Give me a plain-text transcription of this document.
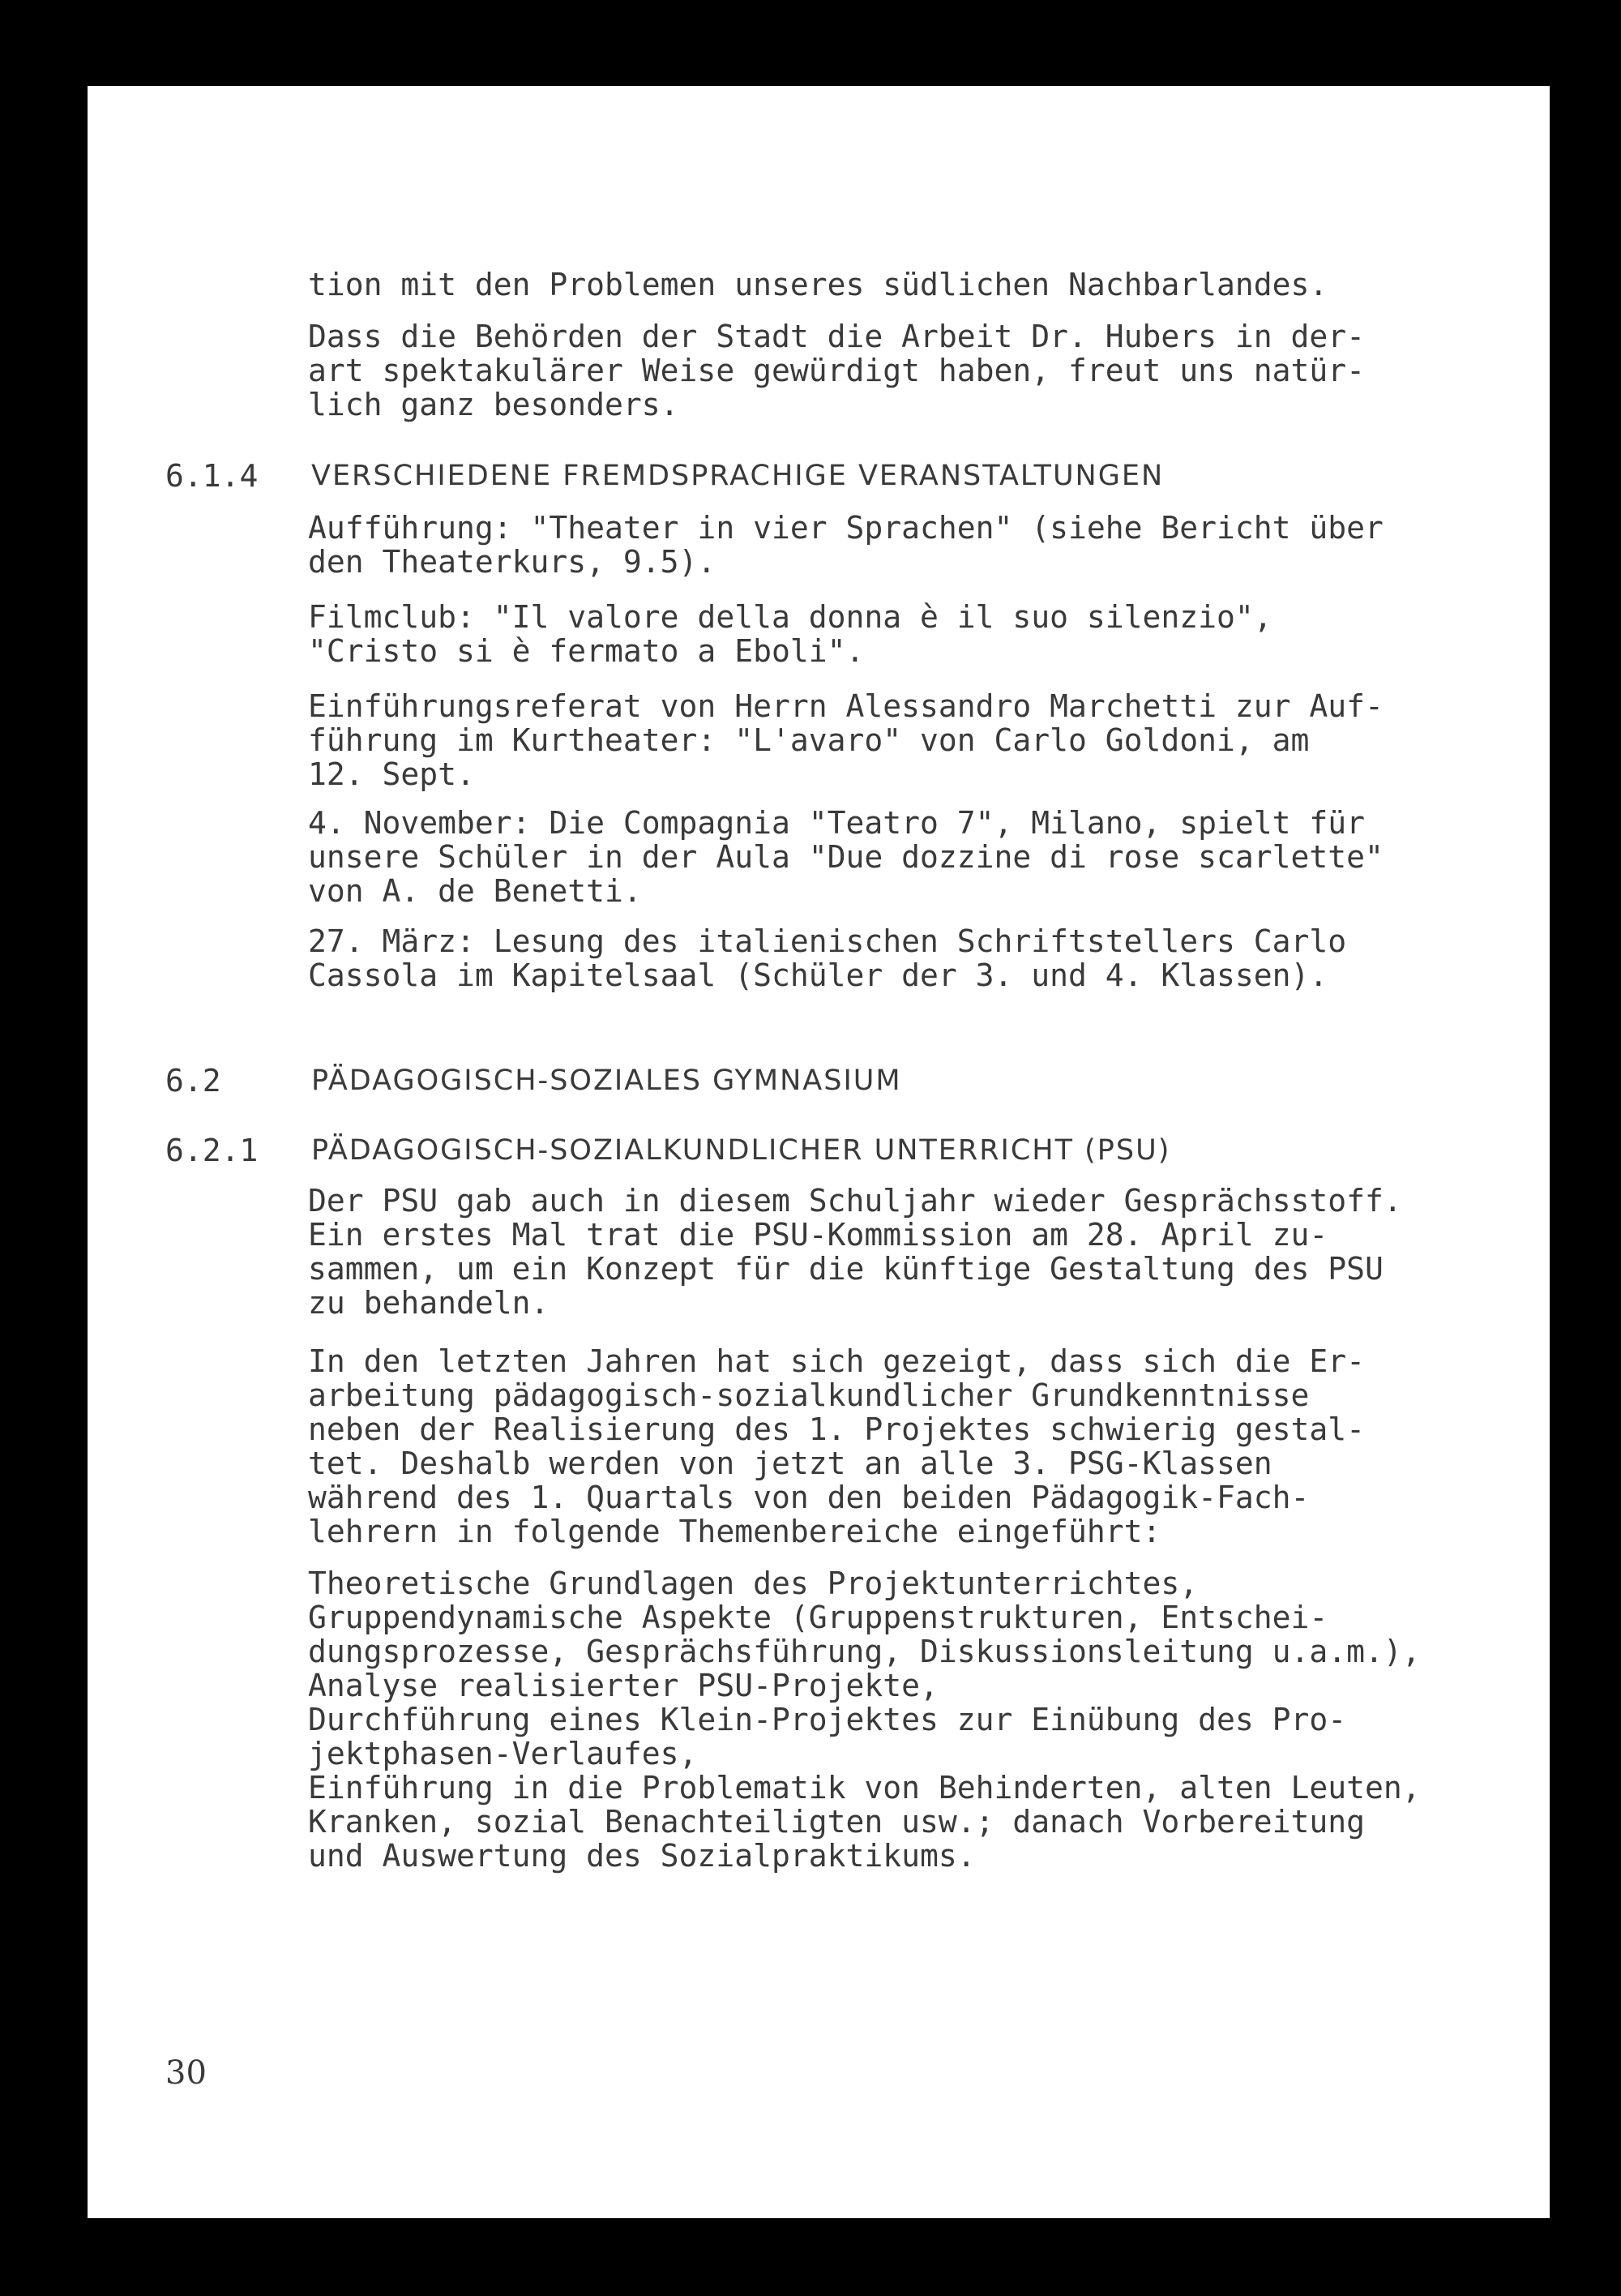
tion mit den Problemen unseres südlichen Nachbarlandes.

Dass die Behörden der Stadt die Arbeit Dr. Hubers in der-
art spektakulärer Weise gewürdigt haben, freut uns natür-
lich ganz besonders.

6.1.4 VERSCHIEDENE FREMDSPRACHIGE VERANSTALTUNGEN

Aufführung: "Theater in vier Sprachen" (siehe Bericht über
den Theaterkurs, 9.5).

Filmclub: "Il valore della donna è il suo silenzio",
"Cristo si è fermato a Eboli".

Einführungsreferat von Herrn Alessandro Marchetti zur Auf-
führung im Kurtheater: "L'avaro" von Carlo Goldoni, am
12. Sept.

4. November: Die Compagnia "Teatro 7", Milano, spielt für
unsere Schüler in der Aula "Due dozzine di rose scarlette"
von A. de Benetti.

27. März: Lesung des italienischen Schriftstellers Carlo
Cassola im Kapitelsaal (Schüler der 3. und 4. Klassen).

6.2	PÄDAGOGISCH-SOZIALES GYMNASIUM
6.2.1 PÄDAGOGISCH-SOZIALKUNDLICHER UNTERRICHT (PSU)

Der PSU gab auch in diesem Schuljahr wieder Gesprächsstoff.
Ein erstes Mal trat die PSU-Kommission am 28. April zu-
sammen, um ein Konzept für die künftige Gestaltung des PSU
zu behandeln.

In den letzten Jahren hat sich gezeigt, dass sich die Er-
arbeitung pädagogisch-sozialkundlicher Grundkenntnisse
neben der Realisierung des 1. Projektes schwierig gestal-
tet. Deshalb werden von jetzt an alle 3. PSG-Klassen
während des 1. Quartals von den beiden Pädagogik-Fach-
lehrern in folgende Themenbereiche eingeführt:

Theoretische Grundlagen des Projektunterrichtes,
Gruppendynamische Aspekte (Gruppenstrukturen, Entschei-
dungsprozesse, Gesprächsführung, Diskussionsleitung u.a.m.),
Analyse realisierter PSU-Projekte,
Durchführung eines Klein-Projektes zur Einübung des Pro-
jektphasen-Verlaufes,
Einführung in die Problematik von Behinderten, alten Leuten,
Kranken, sozial Benachteiligten usw.; danach Vorbereitung
und Auswertung des Sozialpraktikums.

30
